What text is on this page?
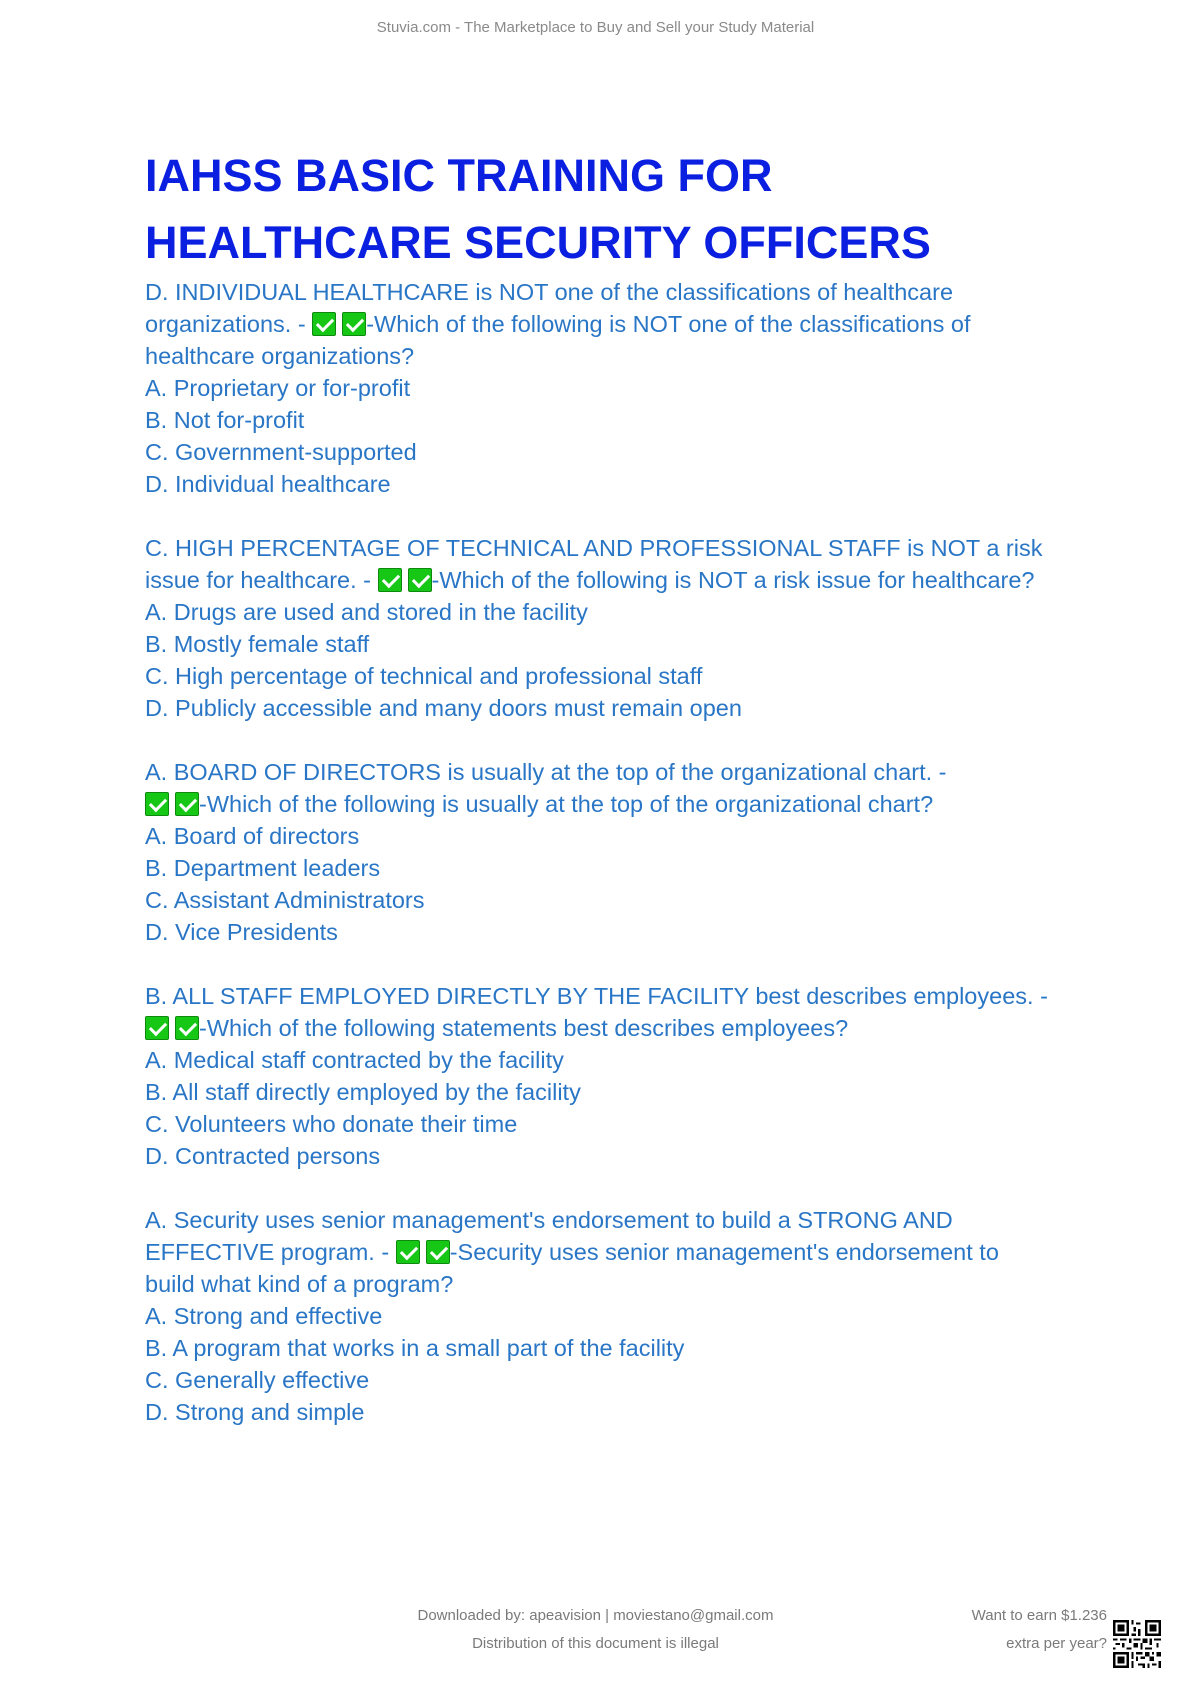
Stuvia.com - The Marketplace to Buy and Sell your Study Material
IAHSS BASIC TRAINING FOR
HEALTHCARE SECURITY OFFICERS

D. INDIVIDUAL HEALTHCARE is NOT one of the classifications of healthcare

organizations. - -Which of the following is NOT one of the classifications of

healthcare organizations?

A. Proprietary or for-profit

B. Not for-profit

C. Government-supported

D. Individual healthcare

C. HIGH PERCENTAGE OF TECHNICAL AND PROFESSIONAL STAFF is NOT a risk

issue for healthcare. - -Which of the following is NOT a risk issue for healthcare?

A. Drugs are used and stored in the facility

B. Mostly female staff

C. High percentage of technical and professional staff

D. Publicly accessible and many doors must remain open

A. BOARD OF DIRECTORS is usually at the top of the organizational chart. -

-Which of the following is usually at the top of the organizational chart?

A. Board of directors

B. Department leaders

C. Assistant Administrators

D. Vice Presidents

B. ALL STAFF EMPLOYED DIRECTLY BY THE FACILITY best describes employees. -

-Which of the following statements best describes employees?

A. Medical staff contracted by the facility

B. All staff directly employed by the facility

C. Volunteers who donate their time

D. Contracted persons

A. Security uses senior management's endorsement to build a STRONG AND

EFFECTIVE program. - -Security uses senior management's endorsement to

build what kind of a program?

A. Strong and effective

B. A program that works in a small part of the facility

C. Generally effective

D. Strong and simple

Downloaded by: apeavision | moviestano@gmail.com
Distribution of this document is illegal
Want to earn $1.236
extra per year?
